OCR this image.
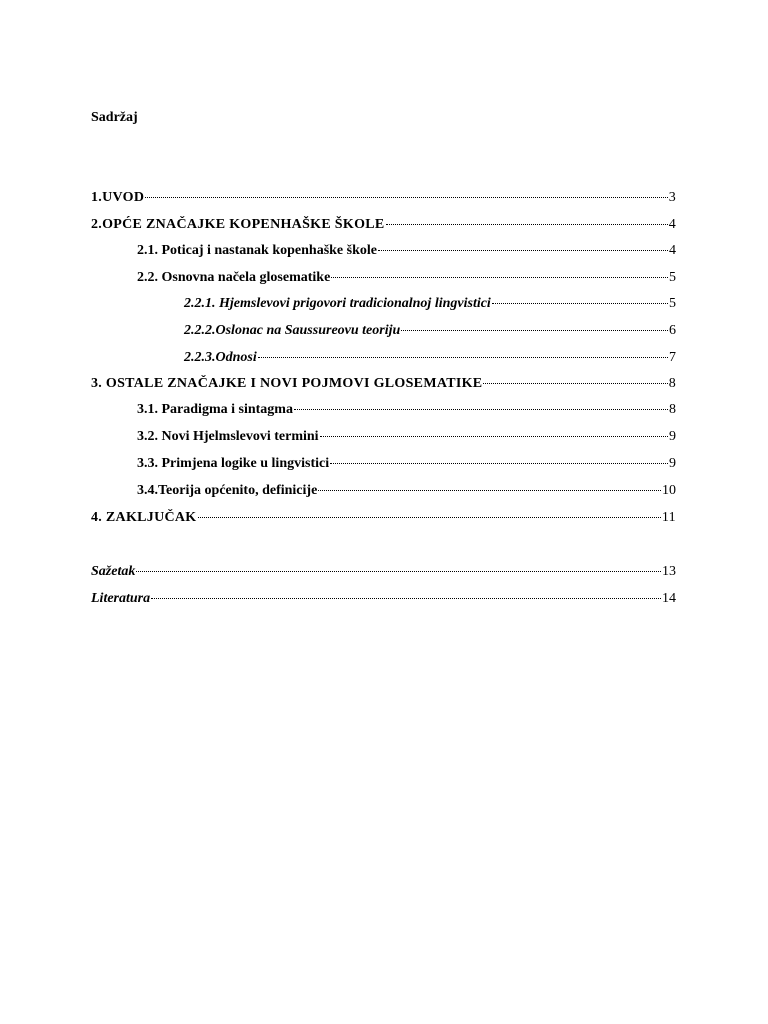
Sadržaj
1.UVOD	3
2.OPĆE ZNAČAJKE KOPENHAŠKE ŠKOLE	4
2.1. Poticaj i nastanak kopenhaške škole	4
2.2. Osnovna načela glosematike	5
2.2.1. Hjemslevovi prigovori tradicionalnoj lingvistici	5
2.2.2.Oslonac na Saussureovu teoriju	6
2.2.3.Odnosi	7
3. OSTALE ZNAČAJKE I NOVI POJMOVI GLOSEMATIKE	8
3.1. Paradigma i sintagma	8
3.2. Novi Hjelmslevovi termini	9
3.3. Primjena logike u lingvistici	9
3.4.Teorija općenito, definicije	10
4. ZAKLJUČAK	11
Sažetak	13
Literatura	14
